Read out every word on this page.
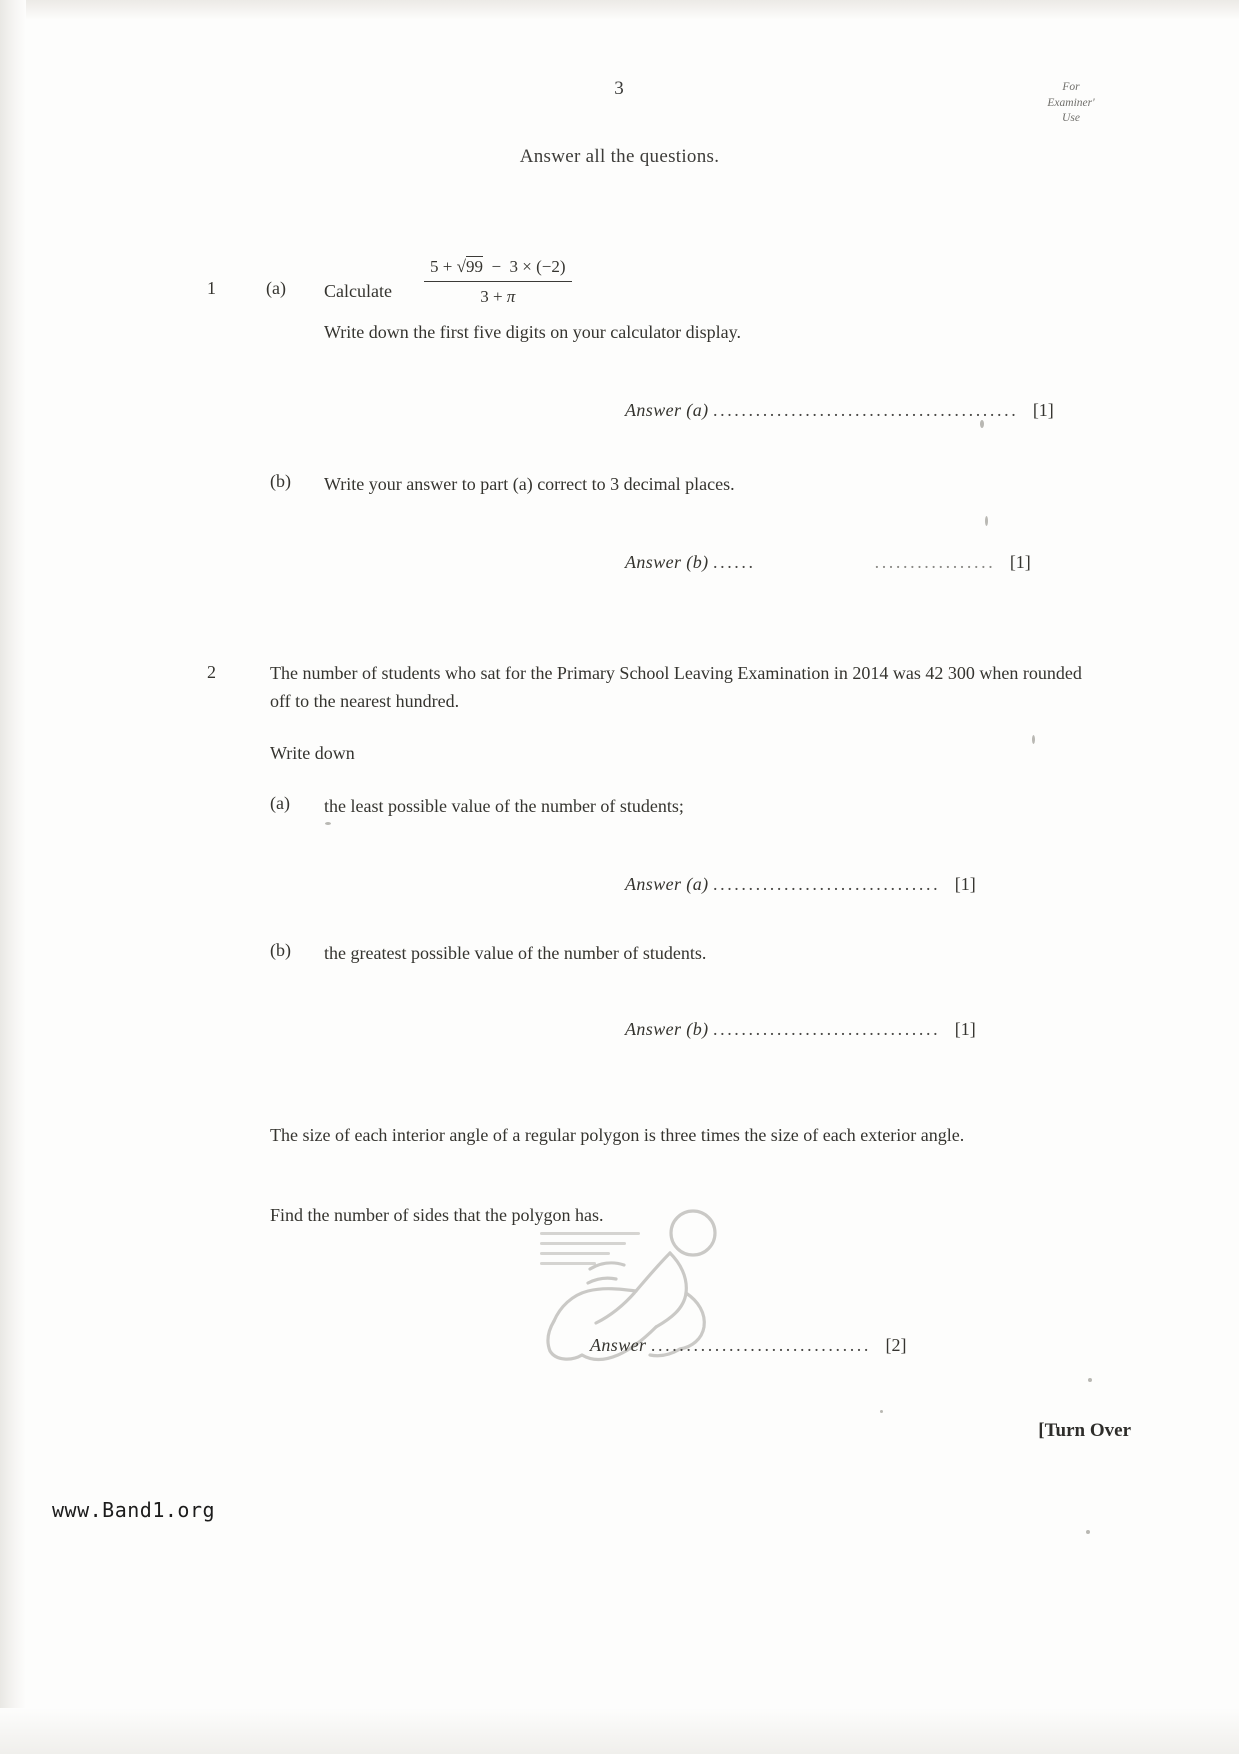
3	For
Examiner'
Use
Answer all the questions.
1	(a) Calculate $\frac{5 + √99 - 3 \times (-2)}{3 + \pi}$
Write down the first five digits on your calculator display.
Answer (a) ........................................... [1]
(b) Write your answer to part (a) correct to 3 decimal places.
Answer (b) ......	................. [1]
2	The number of students who sat for the Primary School Leaving Examination in 2014 was 42 300 when rounded off to the nearest hundred.
Write down
(a) the least possible value of the number of students;
Answer (a) ................................ [1]
(b) the greatest possible value of the number of students.
Answer (b) ................................ [1]
The size of each interior angle of a regular polygon is three times the size of each exterior angle.
Find the number of sides that the polygon has.
Answer ............................... [2]
[Turn Over
www.Band1.org
